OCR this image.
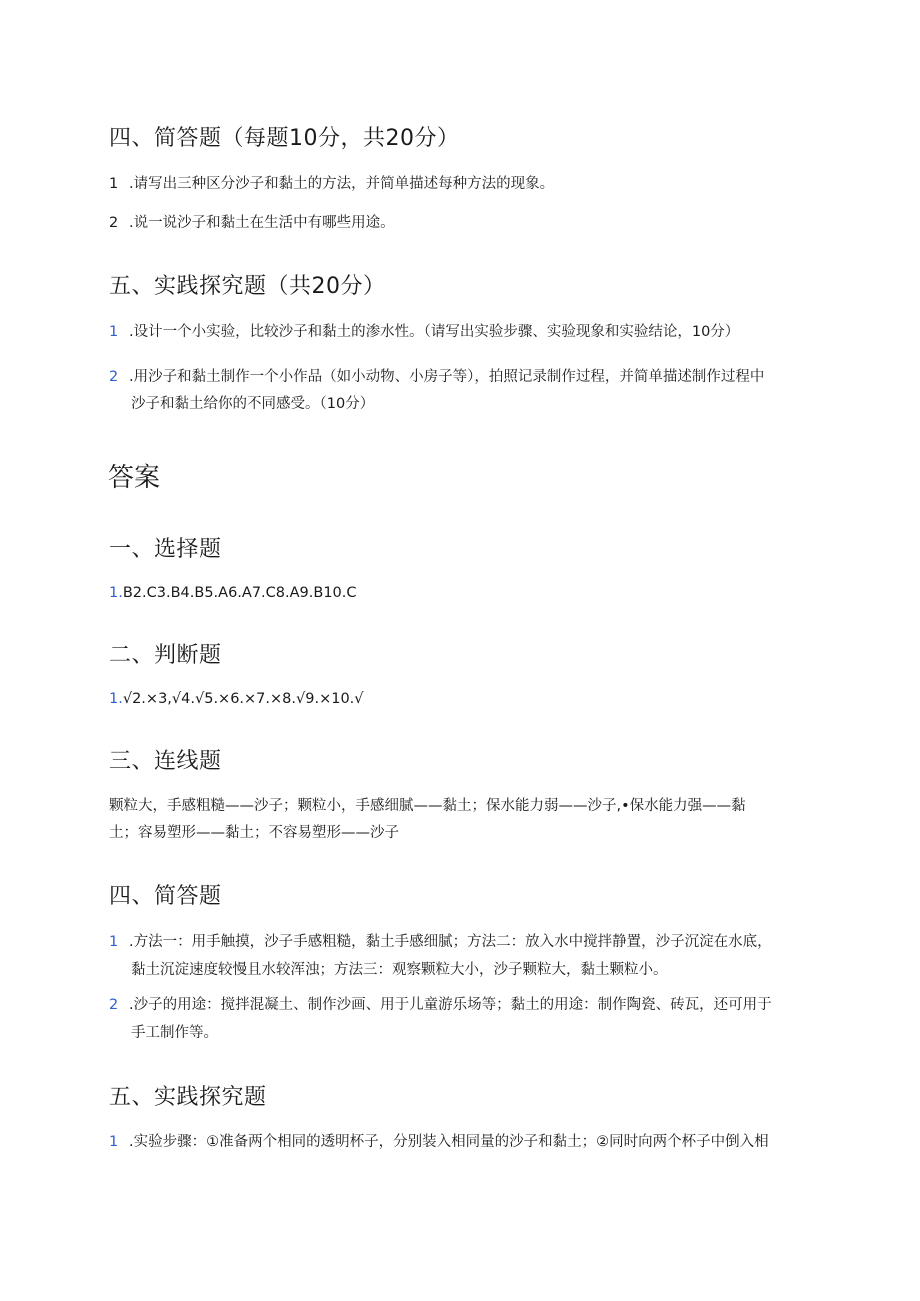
四、简答题（每题10分，共20分）
1 .请写出三种区分沙子和黏土的方法，并简单描述每种方法的现象。
2 .说一说沙子和黏土在生活中有哪些用途。
五、实践探究题（共20分）
1 .设计一个小实验，比较沙子和黏土的渗水性。（请写出实验步骤、实验现象和实验结论，10分）
2 .用沙子和黏土制作一个小作品（如小动物、小房子等），拍照记录制作过程，并简单描述制作过程中
沙子和黏土给你的不同感受。（10分）
答案
一、选择题
1.B2.C3.B4.B5.A6.A7.C8.A9.B10.C
二、判断题
1.√2.×3,√4.√5.×6.×7.×8.√9.×10.√
三、连线题
颗粒大，手感粗糙——沙子；颗粒小，手感细腻——黏土；保水能力弱——沙子,•保水能力强——黏
土；容易塑形——黏土；不容易塑形——沙子
四、简答题
1 .方法一：用手触摸，沙子手感粗糙，黏土手感细腻；方法二：放入水中搅拌静置，沙子沉淀在水底，
黏土沉淀速度较慢且水较浑浊；方法三：观察颗粒大小，沙子颗粒大，黏土颗粒小。
2 .沙子的用途：搅拌混凝土、制作沙画、用于儿童游乐场等；黏土的用途：制作陶瓷、砖瓦，还可用于
手工制作等。
五、实践探究题
1 .实验步骤：①准备两个相同的透明杯子，分别装入相同量的沙子和黏土；②同时向两个杯子中倒入相
